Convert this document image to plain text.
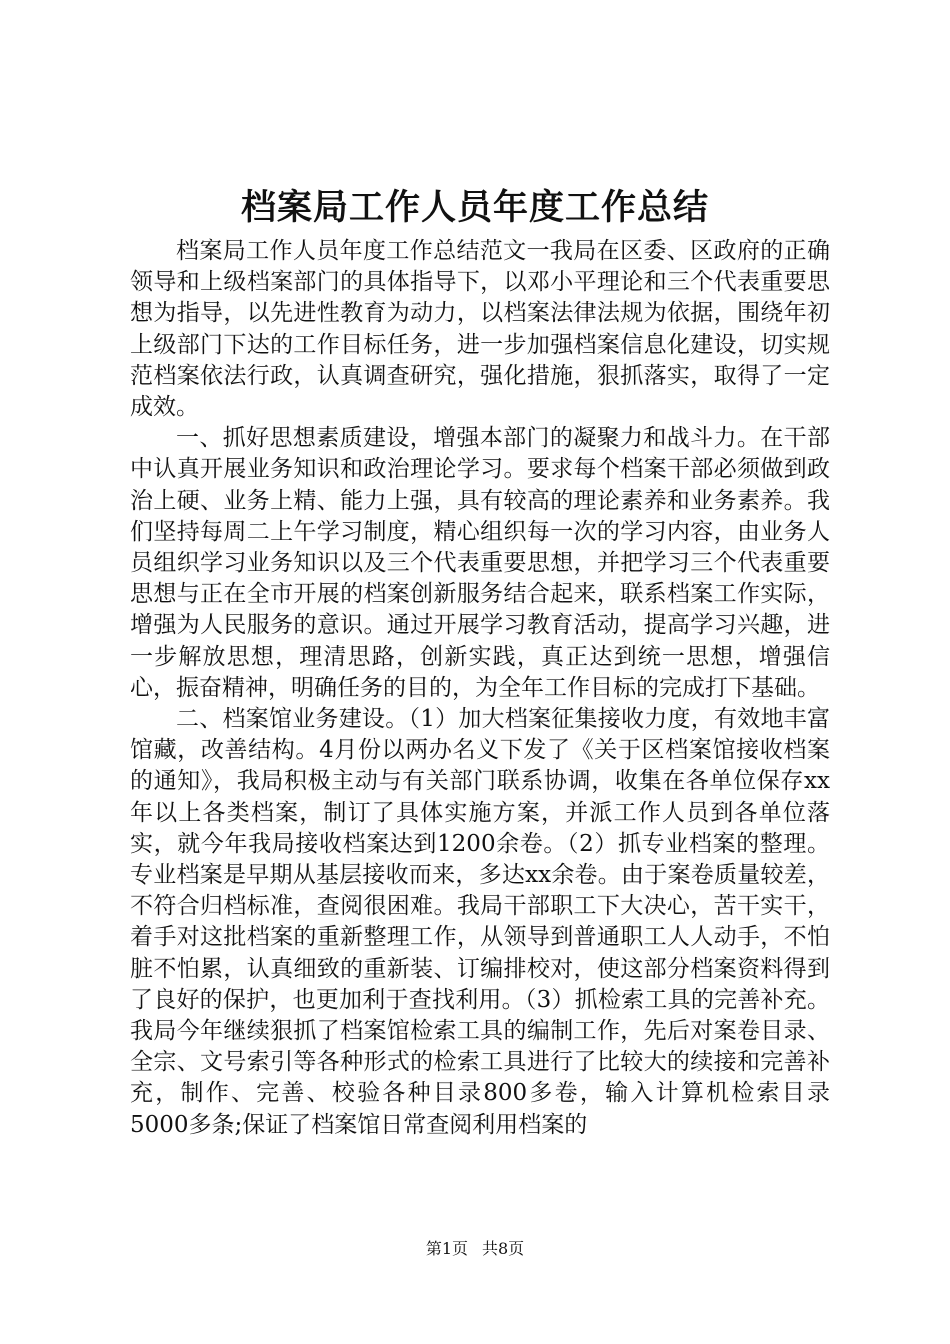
档案局工作人员年度工作总结

档案局工作人员年度工作总结范文一我局在区委、区政府的正确领导和上级档案部门的具体指导下，以邓小平理论和三个代表重要思想为指导，以先进性教育为动力，以档案法律法规为依据，围绕年初上级部门下达的工作目标任务，进一步加强档案信息化建设，切实规范档案依法行政，认真调查研究，强化措施，狠抓落实，取得了一定成效。

一、抓好思想素质建设，增强本部门的凝聚力和战斗力。在干部中认真开展业务知识和政治理论学习。要求每个档案干部必须做到政治上硬、业务上精、能力上强，具有较高的理论素养和业务素养。我们坚持每周二上午学习制度，精心组织每一次的学习内容，由业务人员组织学习业务知识以及三个代表重要思想，并把学习三个代表重要思想与正在全市开展的档案创新服务结合起来，联系档案工作实际，增强为人民服务的意识。通过开展学习教育活动，提高学习兴趣，进一步解放思想，理清思路，创新实践，真正达到统一思想，增强信心，振奋精神，明确任务的目的，为全年工作目标的完成打下基础。

二、档案馆业务建设。（1）加大档案征集接收力度，有效地丰富馆藏，改善结构。4月份以两办名义下发了《关于区档案馆接收档案的通知》，我局积极主动与有关部门联系协调，收集在各单位保存xx年以上各类档案，制订了具体实施方案，并派工作人员到各单位落实，就今年我局接收档案达到1200余卷。（2）抓专业档案的整理。专业档案是早期从基层接收而来，多达xx余卷。由于案卷质量较差，不符合归档标准，查阅很困难。我局干部职工下大决心，苦干实干，着手对这批档案的重新整理工作，从领导到普通职工人人动手，不怕脏不怕累，认真细致的重新装、订编排校对，使这部分档案资料得到了良好的保护，也更加利于查找利用。（3）抓检索工具的完善补充。我局今年继续狠抓了档案馆检索工具的编制工作，先后对案卷目录、全宗、文号索引等各种形式的检索工具进行了比较大的续接和完善补充，制作、完善、校验各种目录800多卷，输入计算机检索目录5000多条;保证了档案馆日常查阅利用档案的

第1页 共8页
